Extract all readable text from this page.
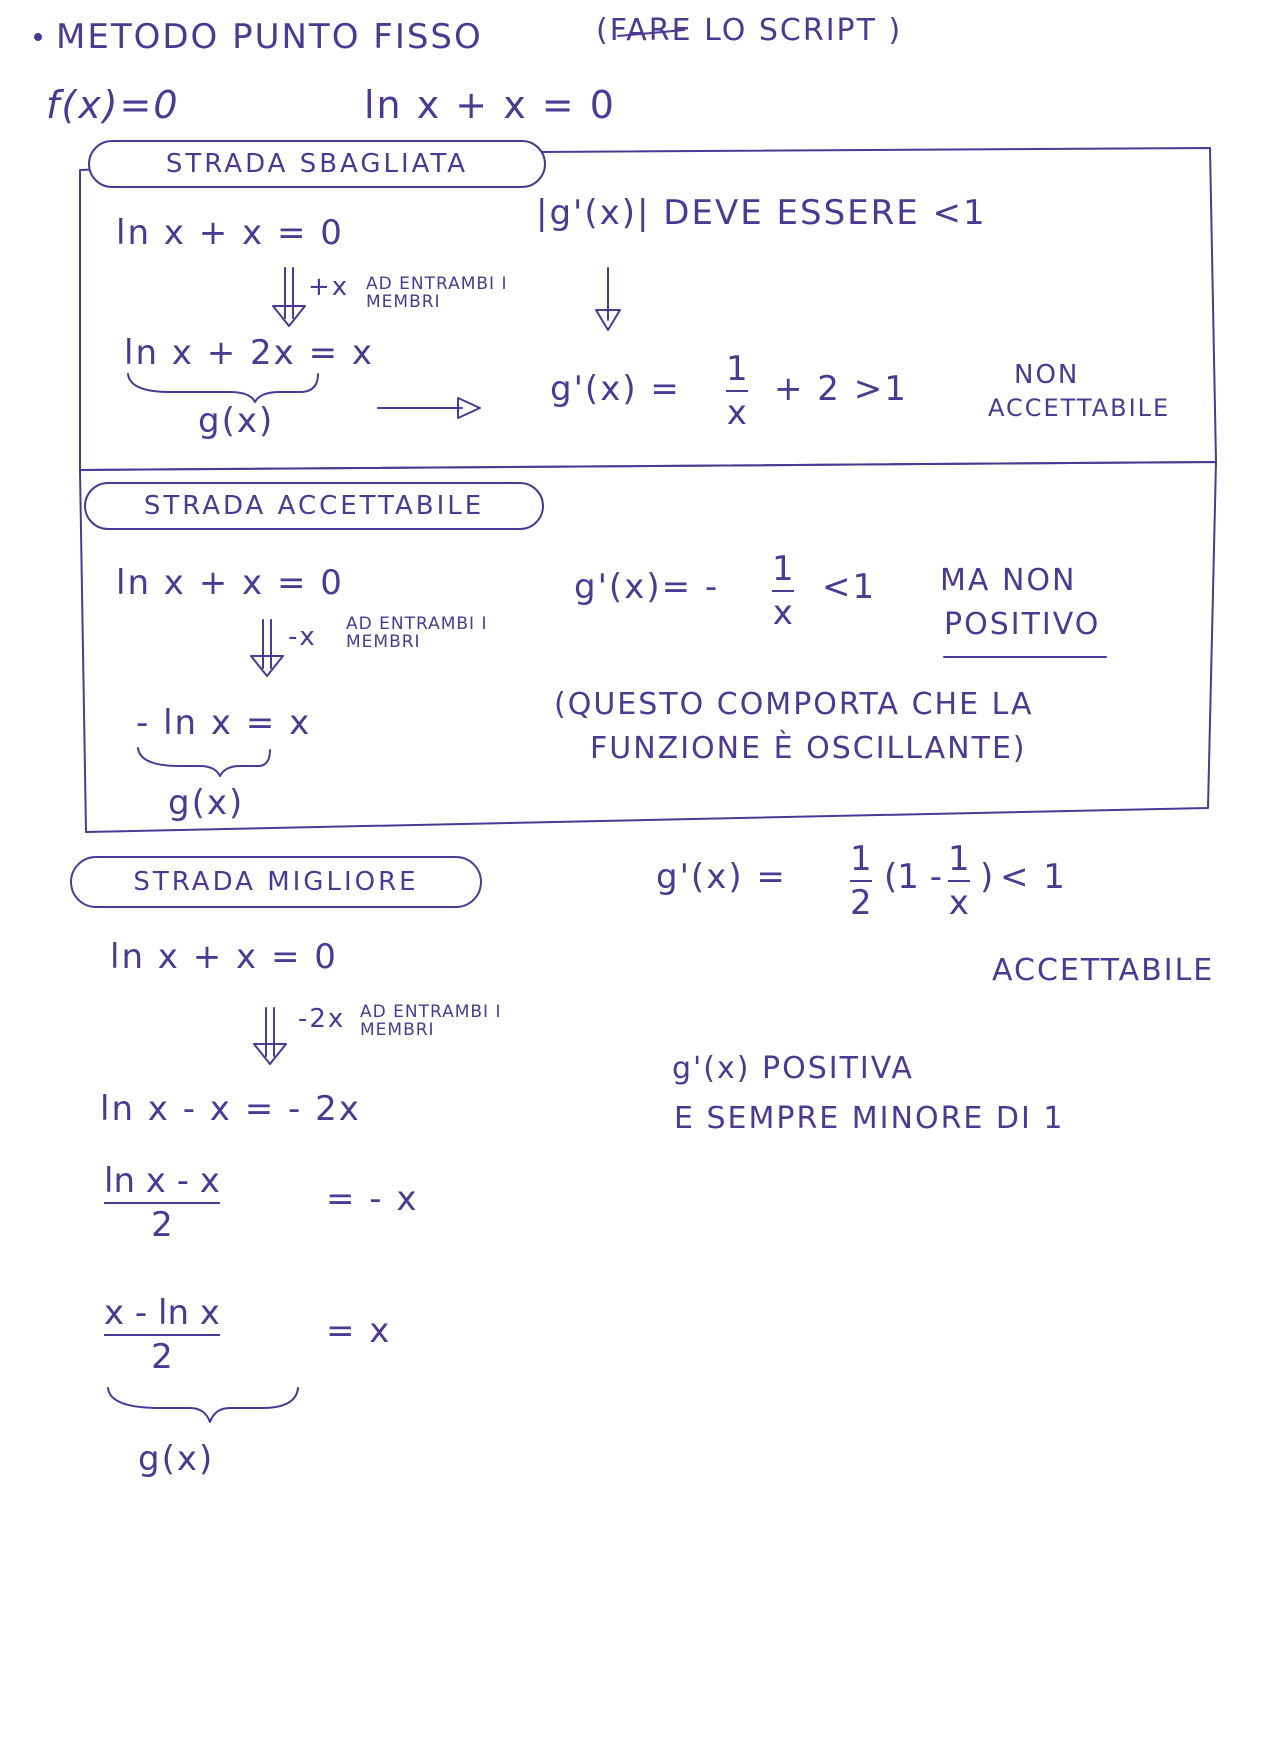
METODO PUNTO FISSO	(FARE LO SCRIPT )
f(x)=0	ln x + x = 0
STRADA SBAGLIATA
ln x + x = 0
+x AD ENTRAMBI I MEMBRI
ln x + 2x = x
g(x)
|g'(x)| DEVE ESSERE <1
g'(x) = 1
x
+ 2 >1	NON
ACCETTABILE
STRADA ACCETTABILE
ln x + x = 0
-x AD ENTRAMBI I MEMBRI
- ln x = x
g(x)
g'(x)= - 1
x
<1 MA NON
POSITIVO
(QUESTO COMPORTA CHE LA
FUNZIONE È OSCILLANTE)
STRADA MIGLIORE
ln x + x = 0
-2x AD ENTRAMBI I MEMBRI
ln x - x = - 2x
ln x - x
2
= - x
x - ln x
2
= x
g(x)
g'(x) = 1
2
(1 - 1
x
) < 1
ACCETTABILE
g'(x) POSITIVA
E SEMPRE MINORE DI 1
